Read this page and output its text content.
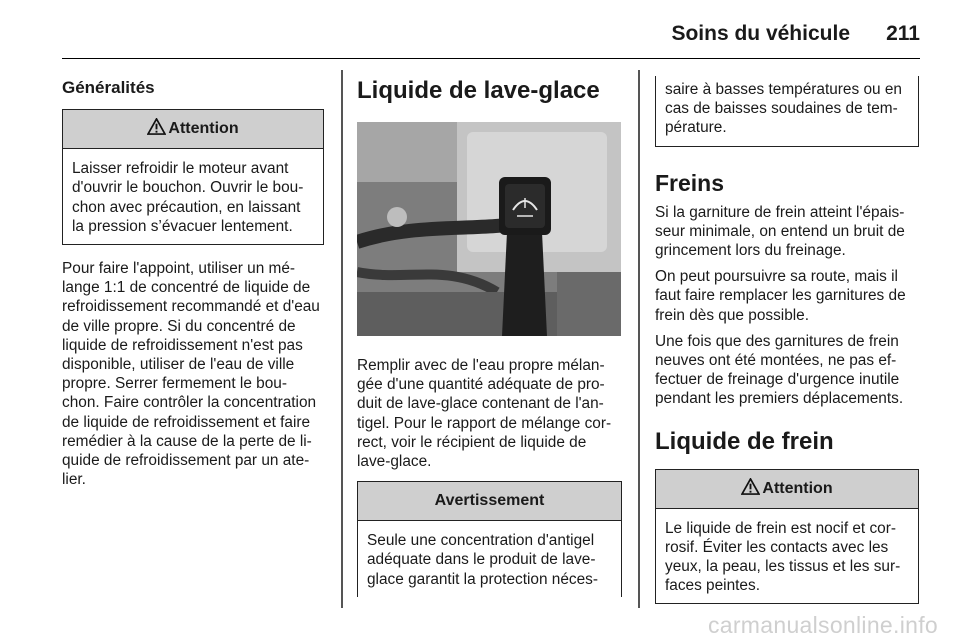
Soins du véhicule 211
Généralités
Attention
Laisser refroidir le moteur avant d'ouvrir le bouchon. Ouvrir le bou-chon avec précaution, en laissant la pression s’évacuer lentement.

Pour faire l'appoint, utiliser un mé-lange 1:1 de concentré de liquide de refroidissement recommandé et d'eau de ville propre. Si du concentré de liquide de refroidissement n'est pas disponible, utiliser de l'eau de ville propre. Serrer fermement le bou-chon. Faire contrôler la concentration de liquide de refroidissement et faire remédier à la cause de la perte de li-quide de refroidissement par un ate-lier.

Liquide de lave-glace

Remplir avec de l'eau propre mélan-gée d'une quantité adéquate de pro-duit de lave-glace contenant de l'an-tigel. Pour le rapport de mélange cor-rect, voir le récipient de liquide de lave-glace.

Avertissement
Seule une concentration d'antigel adéquate dans le produit de lave-glace garantit la protection néces-
saire à basses températures ou en cas de baisses soudaines de tem-pérature.
Freins

Si la garniture de frein atteint l'épais-seur minimale, on entend un bruit de grincement lors du freinage.

On peut poursuivre sa route, mais il faut faire remplacer les garnitures de frein dès que possible.

Une fois que des garnitures de frein neuves ont été montées, ne pas ef-fectuer de freinage d'urgence inutile pendant les premiers déplacements.

Liquide de frein
Attention
Le liquide de frein est nocif et cor-rosif. Éviter les contacts avec les yeux, la peau, les tissus et les sur-faces peintes.
carmanualsonline.info
